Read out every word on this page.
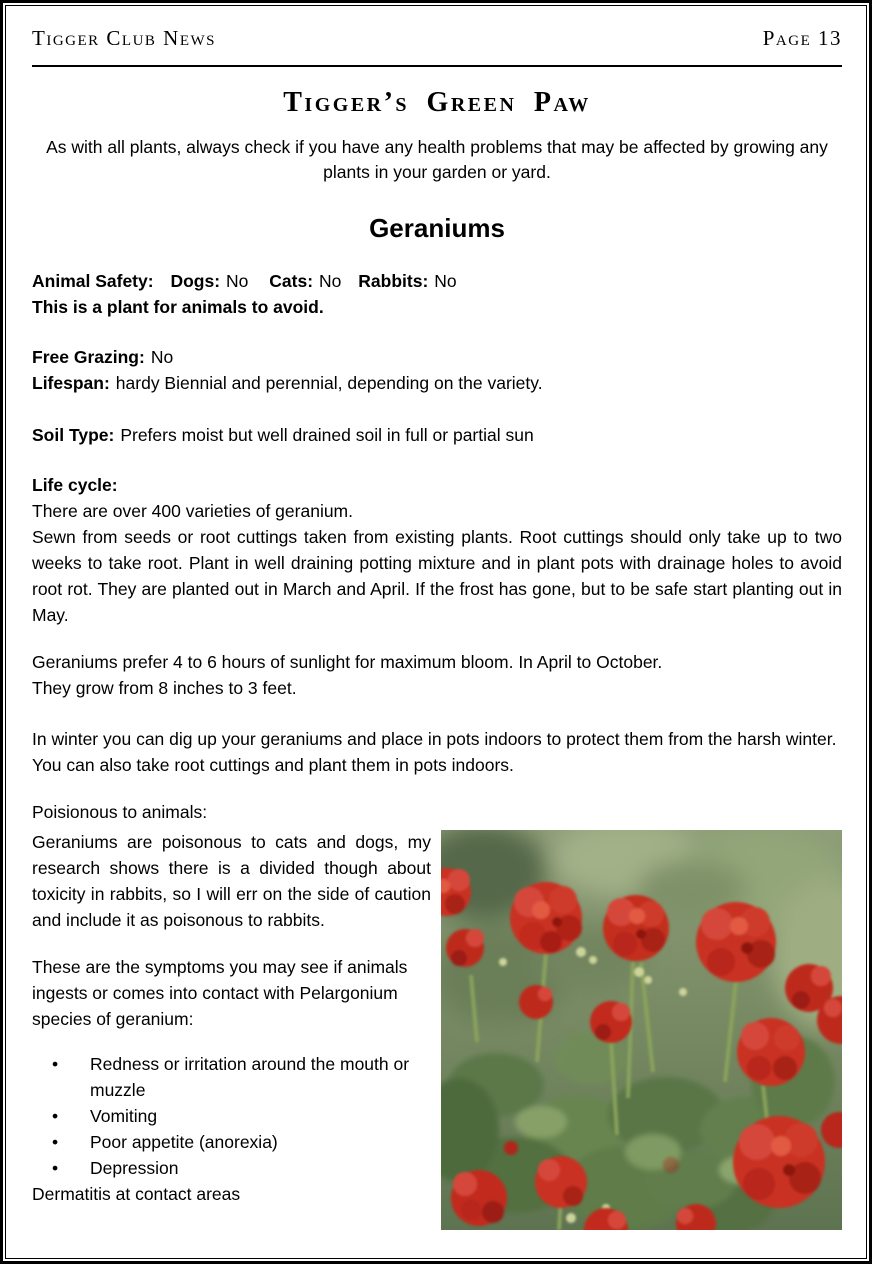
Tigger Club News	Page 13
Tigger’s Green Paw

As with all plants, always check if you have any health problems that may be affected by growing any plants in your garden or yard.

Geraniums

Animal Safety: Dogs: No Cats: No Rabbits: No

This is a plant for animals to avoid.

Free Grazing: No

Lifespan: hardy Biennial and perennial, depending on the variety.

Soil Type: Prefers moist but well drained soil in full or partial sun

Life cycle:

There are over 400 varieties of geranium.

Sewn from seeds or root cuttings taken from existing plants. Root cuttings should only take up to two weeks to take root. Plant in well draining potting mixture and in plant pots with drainage holes to avoid root rot. They are planted out in March and April. If the frost has gone, but to be safe start planting out in May.

Geraniums prefer 4 to 6 hours of sunlight for maximum bloom. In April to October.

They grow from 8 inches to 3 feet.

In winter you can dig up your geraniums and place in pots indoors to protect them from the harsh winter. You can also take root cuttings and plant them in pots indoors.

Poisionous to animals:

Geraniums are poisonous to cats and dogs, my research shows there is a divided though about toxicity in rabbits, so I will err on the side of caution and include it as poisonous to rabbits.

These are the symptoms you may see if animals ingests or comes into contact with Pelargonium species of geranium:

• Redness or irritation around the mouth or muzzle
• Vomiting
• Poor appetite (anorexia)
• Depression

Dermatitis at contact areas
